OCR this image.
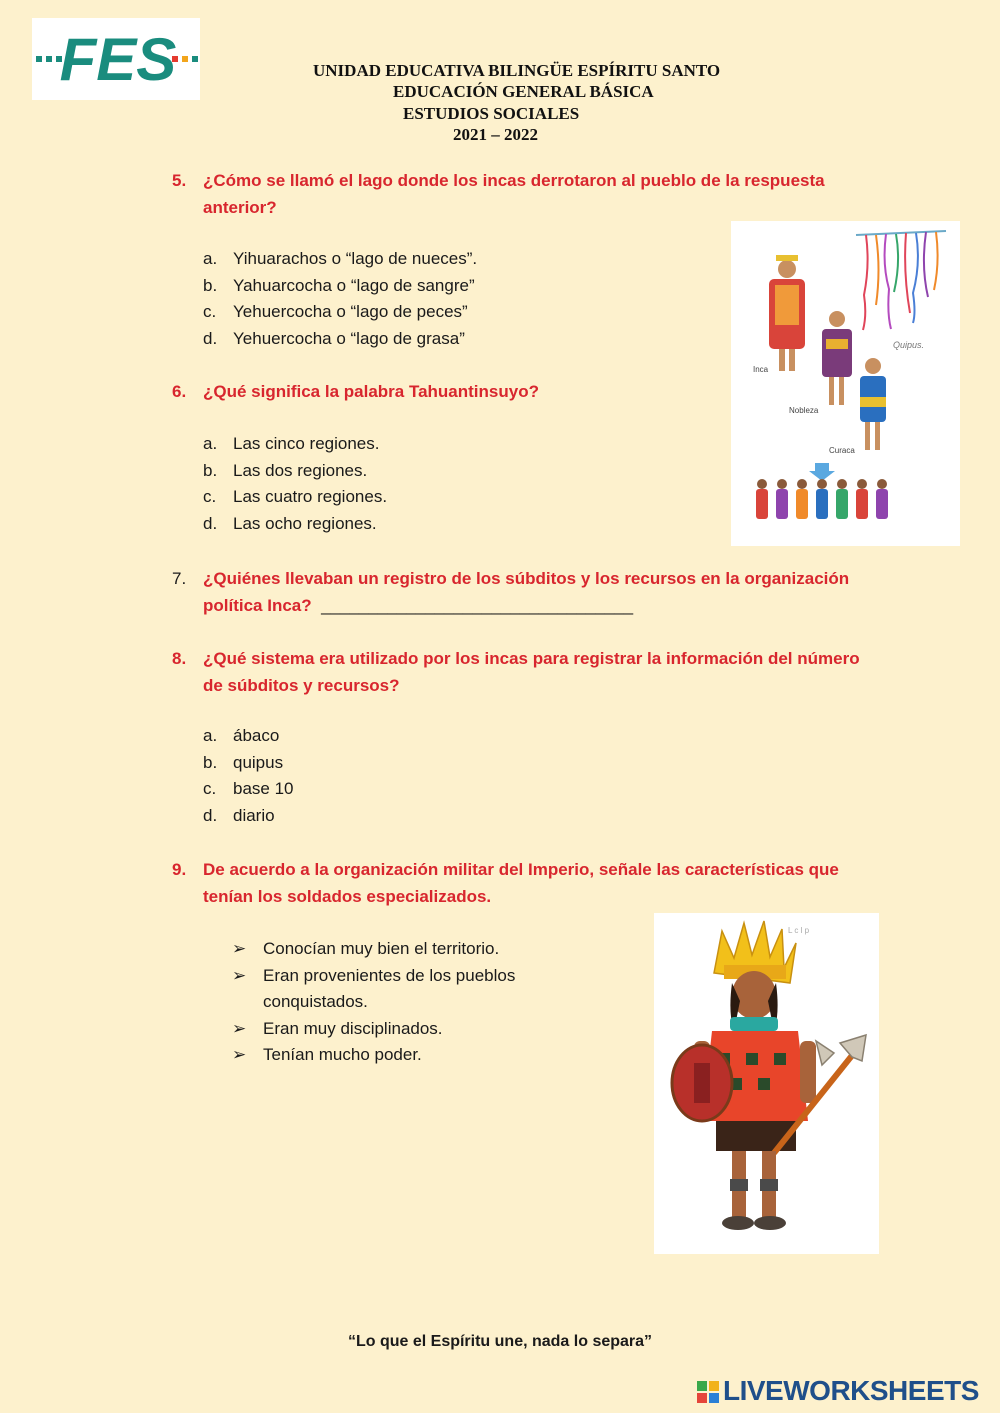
FES	UNIDAD EDUCATIVA BILINGÜE ESPÍRITU SANTO
EDUCACIÓN GENERAL BÁSICA
ESTUDIOS SOCIALES
2021 – 2022
5. ¿Cómo se llamó el lago donde los incas derrotaron al pueblo de la respuesta anterior?
a. Yihuarachos o “lago de nueces”.
b. Yahuarcocha o “lago de sangre”
c. Yehuercocha o “lago de peces”
d. Yehuercocha o “lago de grasa”
6. ¿Qué significa la palabra Tahuantinsuyo?
a. Las cinco regiones.
b. Las dos regiones.
c. Las cuatro regiones.
d. Las ocho regiones.
Quipus.
Inca
Nobleza
Curaca
7. ¿Quiénes llevaban un registro de los súbditos y los recursos en la organización política Inca? _________________________________
8. ¿Qué sistema era utilizado por los incas para registrar la información del número de súbditos y recursos?
a. ábaco
b. quipus
c. base 10
d. diario
9. De acuerdo a la organización militar del Imperio, señale las características que tenían los soldados especializados.
➢ Conocían muy bien el territorio.
➢ Eran provenientes de los pueblos conquistados.
➢ Eran muy disciplinados.
➢ Tenían mucho poder.
L c l p
“Lo que el Espíritu une, nada lo separa”
LIVEWORKSHEETS
